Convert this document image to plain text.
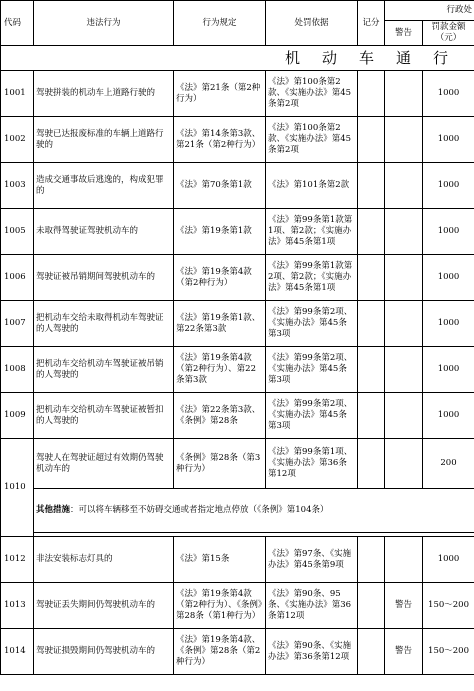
代码	违法行为	行为规定	处罚依据	记分	行政处	
					警告	罚款金额（元）
机动车通行						
1001	驾驶拼装的机动车上道路行驶的	《法》第21条（第2种行为）	《法》第100条第2款、《实施办法》第45条第2项			1000
1002	驾驶已达报废标准的车辆上道路行驶的	《法》第14条第3款、第21条（第2种行为）	《法》第100条第2款、《实施办法》第45条第2项			1000
1003	造成交通事故后逃逸的，构成犯罪的	《法》第70条第1款	《法》第101条第2款			1000
1005	未取得驾驶证驾驶机动车的	《法》第19条第1款	《法》第99条第1款第1项、第2款；《实施办法》第45条第1项			1000
1006	驾驶证被吊销期间驾驶机动车的	《法》第19条第4款（第2种行为）	《法》第99条第1款第2项、第2款；《实施办法》第45条第1项			1000
1007	把机动车交给未取得机动车驾驶证的人驾驶的	《法》第19条第1款、第22条第3款	《法》第99条第2项、《实施办法》第45条第3项			1000
1008	把机动车交给机动车驾驶证被吊销的人驾驶的	《法》第19条第4款（第2种行为）、第22条第3款	《法》第99条第2项、《实施办法》第45条第3项			1000
1009	把机动车交给机动车驾驶证被暂扣的人驾驶的	《法》第22条第3款、《条例》第28条	《法》第99条第2项、《实施办法》第45条第3项			1000
1010	驾驶人在驾驶证超过有效期仍驾驶机动车的	《条例》第28条（第3种行为）	《法》第99条第1项、《实施办法》第36条第12项			200
	其他措施：可以将车辆移至不妨碍交通或者指定地点停放（《条例》第104条）					

1012	非法安装标志灯具的	《法》第15条	《法》第97条、《实施办法》第45条第9项			1000
1013	驾驶证丢失期间仍驾驶机动车的	《法》第19条第4款（第2种行为）、《条例》第28条（第1种行为）	《法》第90条、95条、《实施办法》第36条第12项		警告	150～200
1014	驾驶证损毁期间仍驾驶机动车的	《法》第19条第4款、《条例》第28条（第2种行为）	《法》第90条、《实施办法》第36条第12项		警告	150～200
